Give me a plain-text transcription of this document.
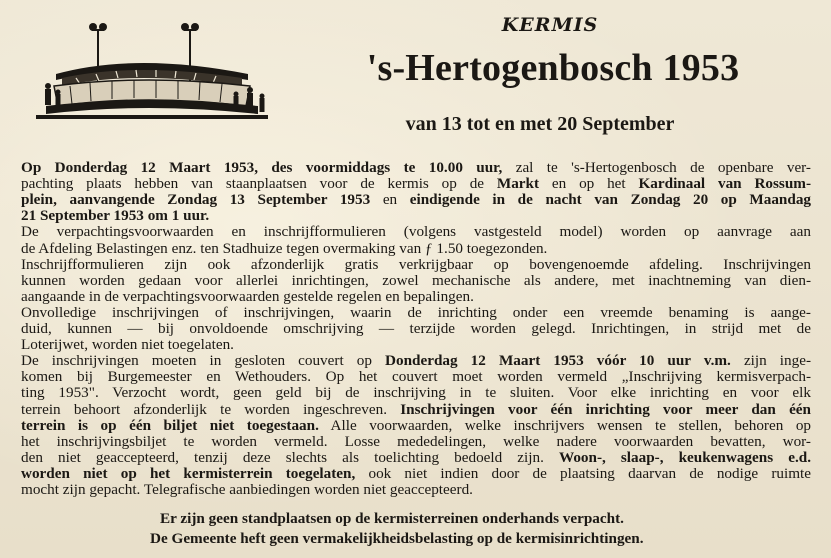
KERMIS
's-Hertogenbosch 1953
van 13 tot en met 20 September
Op Donderdag 12 Maart 1953, des voormiddags te 10.00 uur, zal te 's-Hertogenbosch de openbare ver-
pachting plaats hebben van staanplaatsen voor de kermis op de Markt en op het Kardinaal van Rossum-
plein, aanvangende Zondag 13 September 1953 en eindigende in de nacht van Zondag 20 op Maandag
21 September 1953 om 1 uur.
De verpachtingsvoorwaarden en inschrijfformulieren (volgens vastgesteld model) worden op aanvrage aan
de Afdeling Belastingen enz. ten Stadhuize tegen overmaking van ƒ 1.50 toegezonden.
Inschrijfformulieren zijn ook afzonderlijk gratis verkrijgbaar op bovengenoemde afdeling. Inschrijvingen
kunnen worden gedaan voor allerlei inrichtingen, zowel mechanische als andere, met inachtneming van dien-
aangaande in de verpachtingsvoorwaarden gestelde regelen en bepalingen.
Onvolledige inschrijvingen of inschrijvingen, waarin de inrichting onder een vreemde benaming is aange-
duid, kunnen — bij onvoldoende omschrijving — terzijde worden gelegd. Inrichtingen, in strijd met de
Loterijwet, worden niet toegelaten.
De inschrijvingen moeten in gesloten couvert op Donderdag 12 Maart 1953 vóór 10 uur v.m. zijn inge-
komen bij Burgemeester en Wethouders. Op het couvert moet worden vermeld „Inschrijving kermisverpach-
ting 1953". Verzocht wordt, geen geld bij de inschrijving in te sluiten. Voor elke inrichting en voor elk
terrein behoort afzonderlijk te worden ingeschreven. Inschrijvingen voor één inrichting voor meer dan één
terrein is op één biljet niet toegestaan. Alle voorwaarden, welke inschrijvers wensen te stellen, behoren op
het inschrijvingsbiljet te worden vermeld. Losse mededelingen, welke nadere voorwaarden bevatten, wor-
den niet geaccepteerd, tenzij deze slechts als toelichting bedoeld zijn. Woon-, slaap-, keukenwagens e.d.
worden niet op het kermisterrein toegelaten, ook niet indien door de plaatsing daarvan de nodige ruimte
mocht zijn gepacht. Telegrafische aanbiedingen worden niet geaccepteerd.
Er zijn geen standplaatsen op de kermisterreinen onderhands verpacht.
De Gemeente heft geen vermakelijkheidsbelasting op de kermisinrichtingen.
